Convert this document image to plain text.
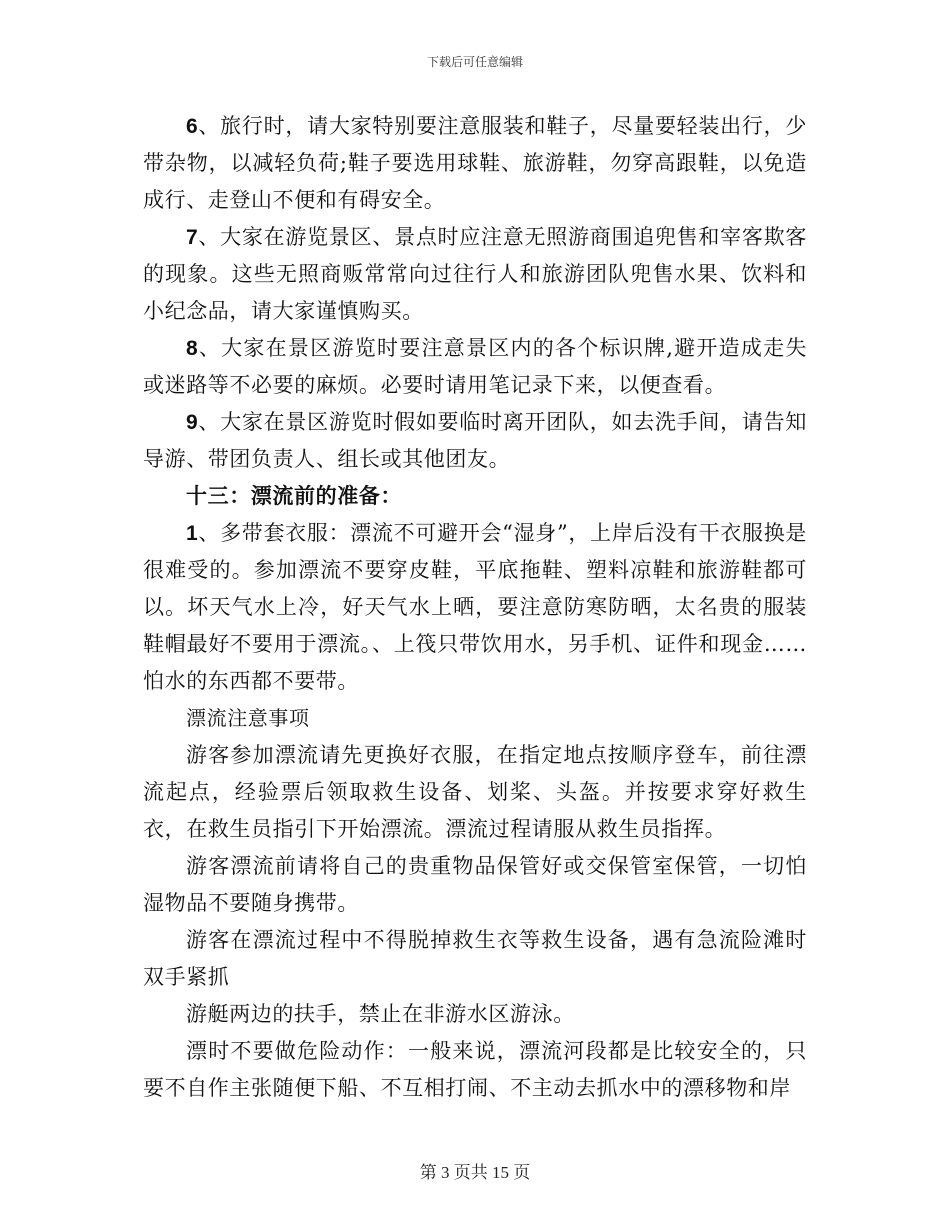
下载后可任意编辑

6、旅行时，请大家特别要注意服装和鞋子，尽量要轻装出行，少带杂物，以减轻负荷;鞋子要选用球鞋、旅游鞋，勿穿高跟鞋，以免造成行、走登山不便和有碍安全。

7、大家在游览景区、景点时应注意无照游商围追兜售和宰客欺客的现象。这些无照商贩常常向过往行人和旅游团队兜售水果、饮料和小纪念品，请大家谨慎购买。

8、大家在景区游览时要注意景区内的各个标识牌,避开造成走失或迷路等不必要的麻烦。必要时请用笔记录下来，以便查看。

9、大家在景区游览时假如要临时离开团队，如去洗手间，请告知导游、带团负责人、组长或其他团友。

十三：漂流前的准备：

1、多带套衣服：漂流不可避开会“湿身”，上岸后没有干衣服换是很难受的。参加漂流不要穿皮鞋，平底拖鞋、塑料凉鞋和旅游鞋都可以。坏天气水上冷，好天气水上晒，要注意防寒防晒，太名贵的服装鞋帽最好不要用于漂流。、上筏只带饮用水，另手机、证件和现金……怕水的东西都不要带。

漂流注意事项

游客参加漂流请先更换好衣服，在指定地点按顺序登车，前往漂流起点，经验票后领取救生设备、划桨、头盔。并按要求穿好救生衣，在救生员指引下开始漂流。漂流过程请服从救生员指挥。

游客漂流前请将自己的贵重物品保管好或交保管室保管，一切怕湿物品不要随身携带。

游客在漂流过程中不得脱掉救生衣等救生设备，遇有急流险滩时双手紧抓

游艇两边的扶手，禁止在非游水区游泳。

漂时不要做危险动作：一般来说，漂流河段都是比较安全的，只要不自作主张随便下船、不互相打闹、不主动去抓水中的漂移物和岸

第 3 页共 15 页
